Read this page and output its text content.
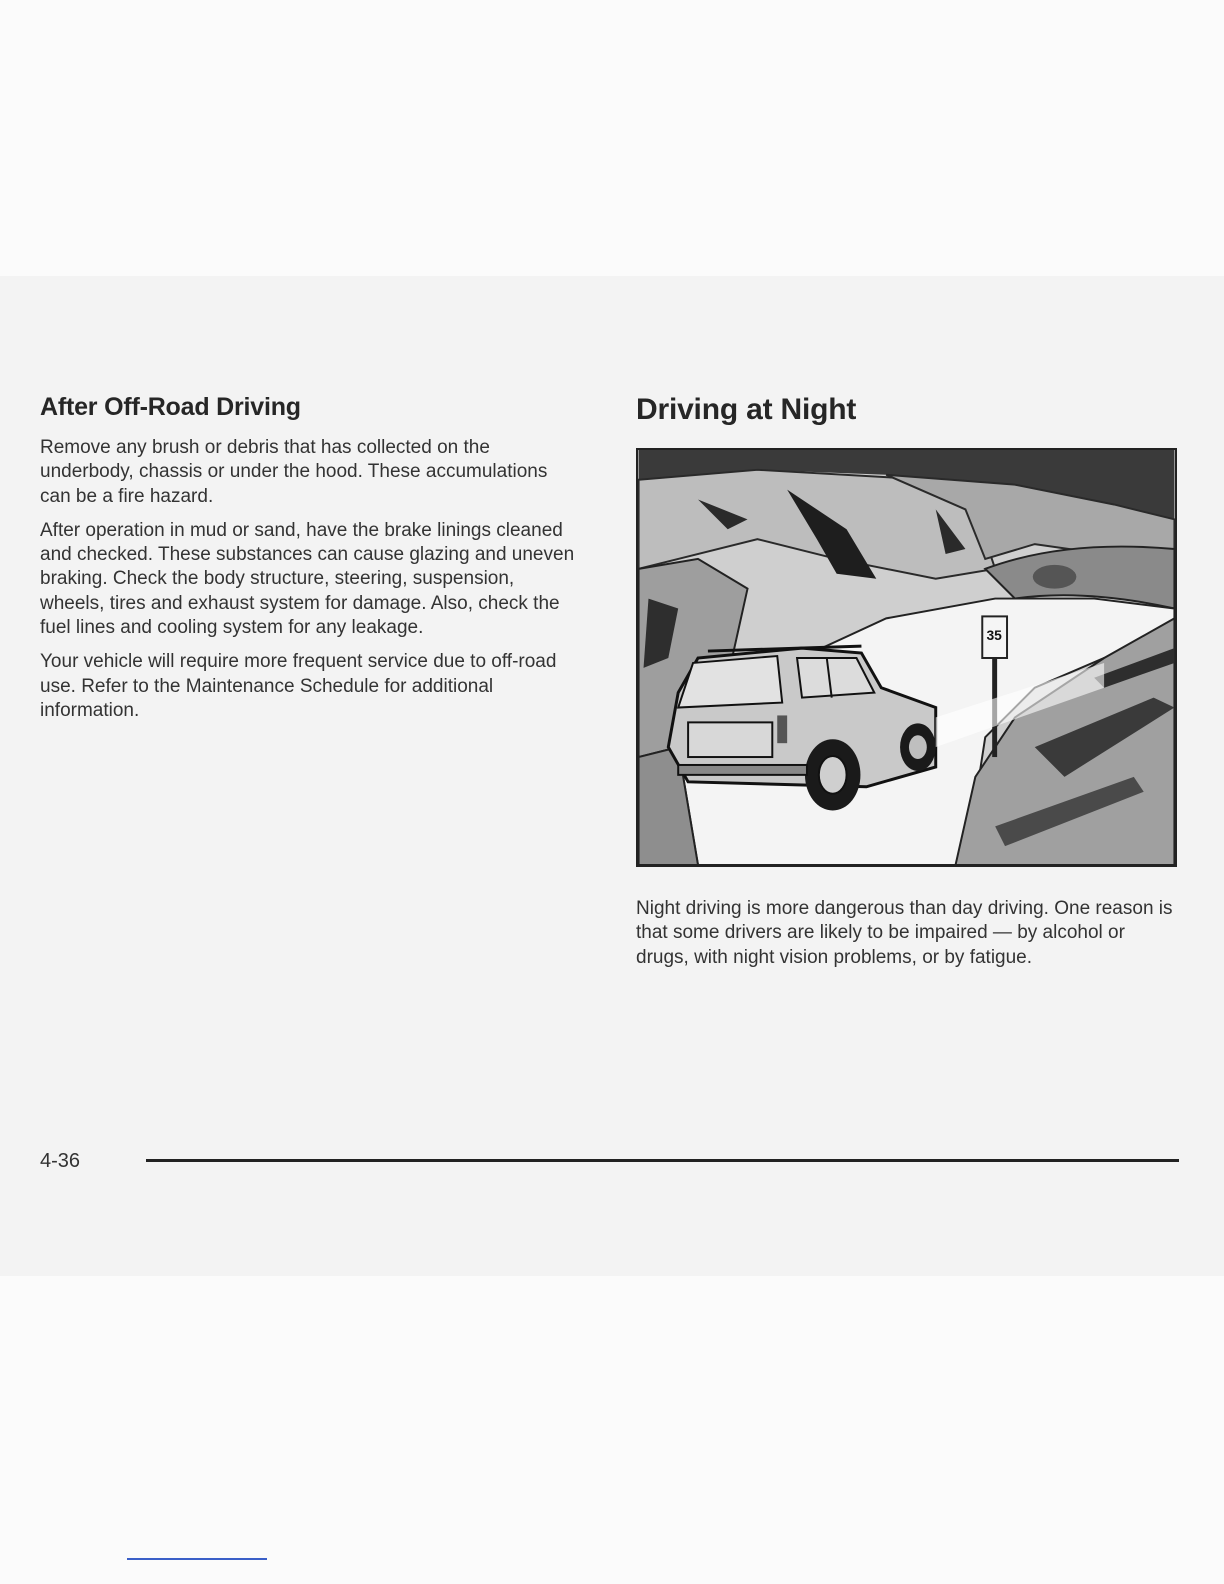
After Off-Road Driving

Remove any brush or debris that has collected on the underbody, chassis or under the hood. These accumulations can be a fire hazard.

After operation in mud or sand, have the brake linings cleaned and checked. These substances can cause glazing and uneven braking. Check the body structure, steering, suspension, wheels, tires and exhaust system for damage. Also, check the fuel lines and cooling system for any leakage.

Your vehicle will require more frequent service due to off-road use. Refer to the Maintenance Schedule for additional information.

Driving at Night
35

Night driving is more dangerous than day driving. One reason is that some drivers are likely to be impaired — by alcohol or drugs, with night vision problems, or by fatigue.

4-36
